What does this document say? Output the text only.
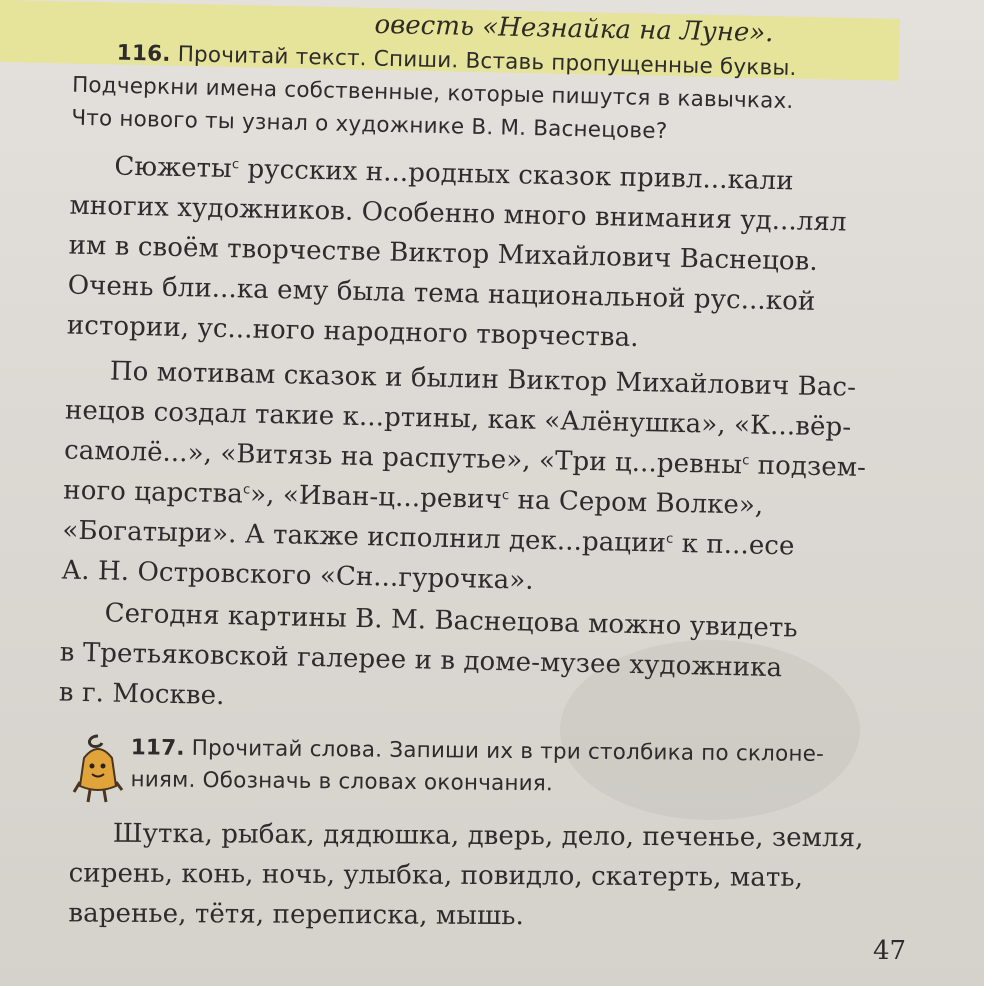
овесть «Незнайка на Луне».
116. Прочитай текст. Спиши. Вставь пропущенные буквы.
Подчеркни имена собственные, которые пишутся в кавычках.
Что нового ты узнал о художнике В. М. Васнецове?
Сюжеты$^с$ русских н...родных сказок привл...кали
многих художников. Особенно много внимания уд...лял
им в своём творчестве Виктор Михайлович Васнецов.
Очень бли...ка ему была тема национальной рус...кой
истории, ус...ного народного творчества.
По мотивам сказок и былин Виктор Михайлович Вас-
нецов создал такие к...ртины, как «Алёнушка», «К...вёр-
самолё...», «Витязь на распутье», «Три ц...ревны$^с$ подзем-
ного царства$^с$», «Иван-ц...ревич$^с$ на Сером Волке»,
«Богатыри». А также исполнил дек...рации$^с$ к п...есе
А. Н. Островского «Сн...гурочка».
Сегодня картины В. М. Васнецова можно увидеть
в Третьяковской галерее и в доме-музее художника
в г. Москве.
117. Прочитай слова. Запиши их в три столбика по склоне-
ниям. Обозначь в словах окончания.
Шутка, рыбак, дядюшка, дверь, дело, печенье, земля,
сирень, конь, ночь, улыбка, повидло, скатерть, мать,
варенье, тётя, переписка, мышь.
47
